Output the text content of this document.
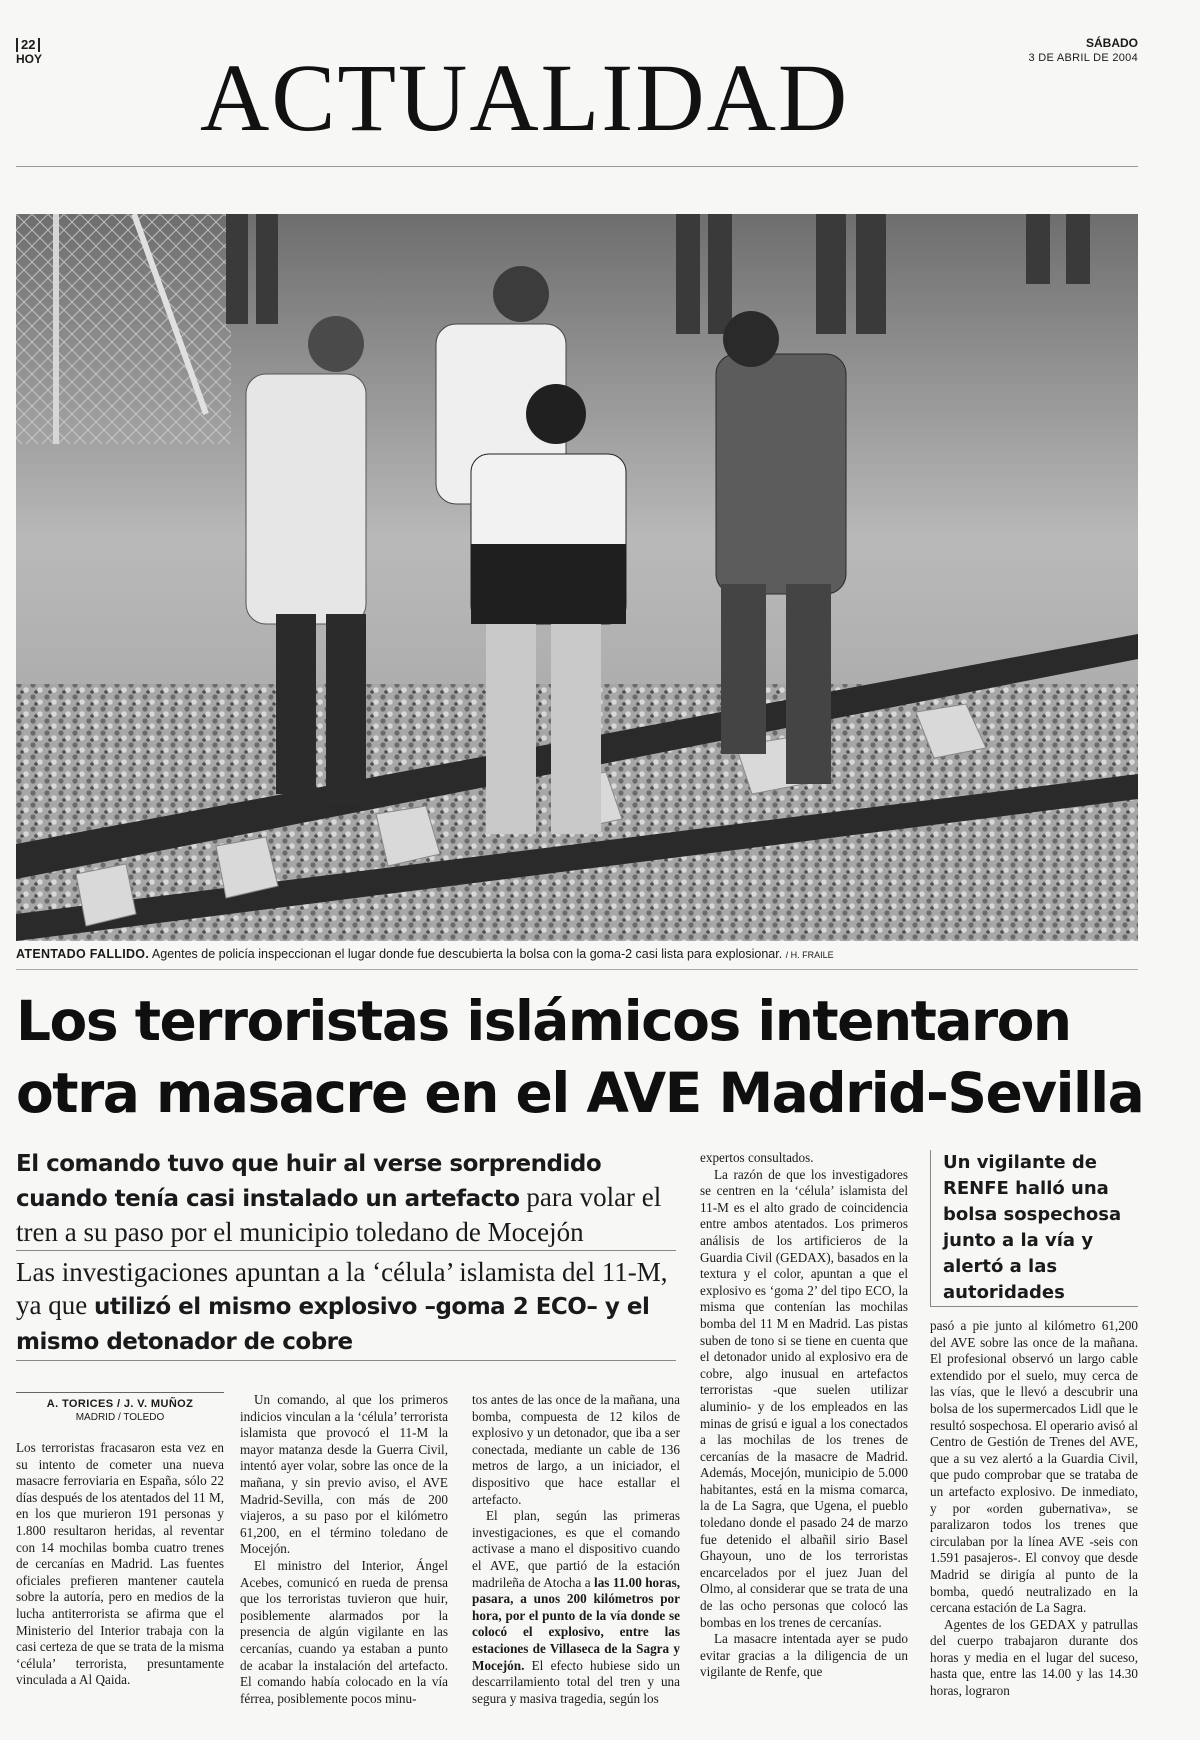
22
HOY ACTUALIDAD
SÁBADO
3 DE ABRIL DE 2004
ATENTADO FALLIDO. Agentes de policía inspeccionan el lugar donde fue descubierta la bolsa con la goma-2 casi lista para explosionar. / H. FRAILE
Los terroristas islámicos intentaron
otra masacre en el AVE Madrid-Sevilla
El comando tuvo que huir al verse sorprendido cuando tenía casi instalado un artefacto para volar el tren a su paso por el municipio toledano de Mocejón
Las investigaciones apuntan a la ‘célula’ islamista del 11-M, ya que utilizó el mismo explosivo –goma 2 ECO– y el mismo detonador de cobre
A. TORICES / J. V. MUÑOZ
MADRID / TOLEDO

Los terroristas fracasaron esta vez en su intento de cometer una nueva masacre ferroviaria en España, sólo 22 días después de los atentados del 11 M, en los que murieron 191 personas y 1.800 resultaron heridas, al reventar con 14 mochilas bomba cuatro trenes de cercanías en Madrid. Las fuentes oficiales prefieren mantener cautela sobre la autoría, pero en medios de la lucha antiterrorista se afirma que el Ministerio del Interior trabaja con la casi certeza de que se trata de la misma ‘célula’ terrorista, presuntamente vinculada a Al Qaida.

Un comando, al que los primeros indicios vinculan a la ‘célula’ terrorista islamista que provocó el 11-M la mayor matanza desde la Guerra Civil, intentó ayer volar, sobre las once de la mañana, y sin previo aviso, el AVE Madrid-Sevilla, con más de 200 viajeros, a su paso por el kilómetro 61,200, en el término toledano de Mocejón.

El ministro del Interior, Ángel Acebes, comunicó en rueda de prensa que los terroristas tuvieron que huir, posiblemente alarmados por la presencia de algún vigilante en las cercanías, cuando ya estaban a punto de acabar la instalación del artefacto. El comando había colocado en la vía férrea, posiblemente pocos minu-

tos antes de las once de la mañana, una bomba, compuesta de 12 kilos de explosivo y un detonador, que iba a ser conectada, mediante un cable de 136 metros de largo, a un iniciador, el dispositivo que hace estallar el artefacto.

El plan, según las primeras investigaciones, es que el comando activase a mano el dispositivo cuando el AVE, que partió de la estación madrileña de Atocha a las 11.00 horas, pasara, a unos 200 kilómetros por hora, por el punto de la vía donde se colocó el explosivo, entre las estaciones de Villaseca de la Sagra y Mocejón. El efecto hubiese sido un descarrilamiento total del tren y una segura y masiva tragedia, según los

expertos consultados.

La razón de que los investigadores se centren en la ‘célula’ islamista del 11-M es el alto grado de coincidencia entre ambos atentados. Los primeros análisis de los artificieros de la Guardia Civil (GEDAX), basados en la textura y el color, apuntan a que el explosivo es ‘goma 2’ del tipo ECO, la misma que contenían las mochilas bomba del 11 M en Madrid. Las pistas suben de tono si se tiene en cuenta que el detonador unido al explosivo era de cobre, algo inusual en artefactos terroristas -que suelen utilizar aluminio- y de los empleados en las minas de grisú e igual a los conectados a las mochilas de los trenes de cercanías de la masacre de Madrid. Además, Mocejón, municipio de 5.000 habitantes, está en la misma comarca, la de La Sagra, que Ugena, el pueblo toledano donde el pasado 24 de marzo fue detenido el albañil sirio Basel Ghayoun, uno de los terroristas encarcelados por el juez Juan del Olmo, al considerar que se trata de una de las ocho personas que colocó las bombas en los trenes de cercanías.

La masacre intentada ayer se pudo evitar gracias a la diligencia de un vigilante de Renfe, que

pasó a pie junto al kilómetro 61,200 del AVE sobre las once de la mañana. El profesional observó un largo cable extendido por el suelo, muy cerca de las vías, que le llevó a descubrir una bolsa de los supermercados Lidl que le resultó sospechosa. El operario avisó al Centro de Gestión de Trenes del AVE, que a su vez alertó a la Guardia Civil, que pudo comprobar que se trataba de un artefacto explosivo. De inmediato, y por «orden gubernativa», se paralizaron todos los trenes que circulaban por la línea AVE -seis con 1.591 pasajeros-. El convoy que desde Madrid se dirigía al punto de la bomba, quedó neutralizado en la cercana estación de La Sagra.

Agentes de los GEDAX y patrullas del cuerpo trabajaron durante dos horas y media en el lugar del suceso, hasta que, entre las 14.00 y las 14.30 horas, lograron

Un vigilante de RENFE halló una bolsa sospechosa junto a la vía y alertó a las autoridades
